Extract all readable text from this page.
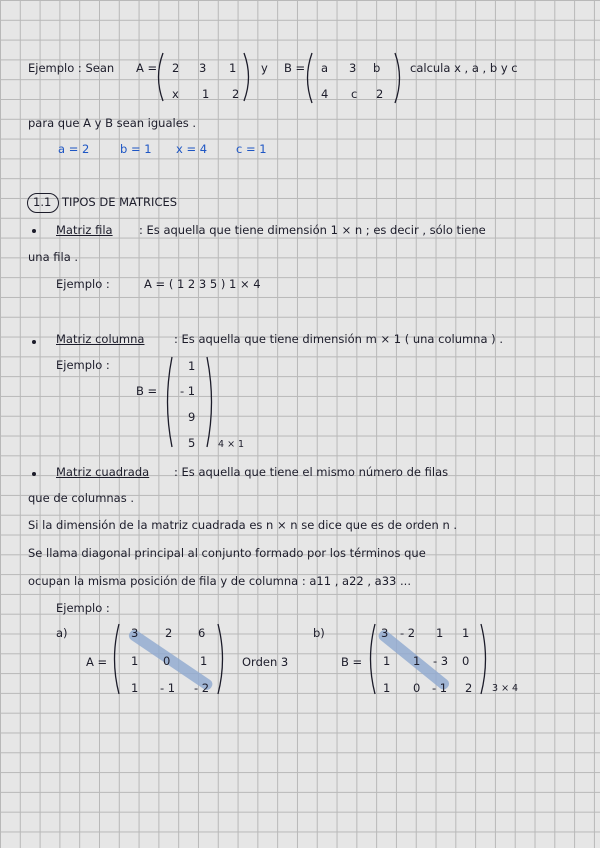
Ejemplo : Sean A = 2 3 1
x 1 2
y B = a 3 b
4 c 2
calcula x , a , b y c
para que A y B sean iguales .
a = 2	b = 1 x = 4	c = 1
1.1 TIPOS DE MATRICES
Matriz fila : Es aquella que tiene dimensión 1 × n ; es decir , sólo tiene
una fila .
Ejemplo :	A = ( 1 2 3 5 ) 1 × 4
Matriz columna	: Es aquella que tiene dimensión m × 1 ( una columna ) .
Ejemplo :
B =
1
- 1
9
5 4 × 1
Matriz cuadrada : Es aquella que tiene el mismo número de filas
que de columnas .
Si la dimensión de la matriz cuadrada es n × n se dice que es de orden n .
Se llama diagonal principal al conjunto formado por los términos que
ocupan la misma posición de fila y de columna : a11 , a22 , a33 ...
Ejemplo :
a)
A =
3 2 6
1 0	1
1 - 1 - 2
Orden 3
b)
B =
3 - 2 1 1
1 1 - 3 0
1 0 - 1 2 3 × 4
